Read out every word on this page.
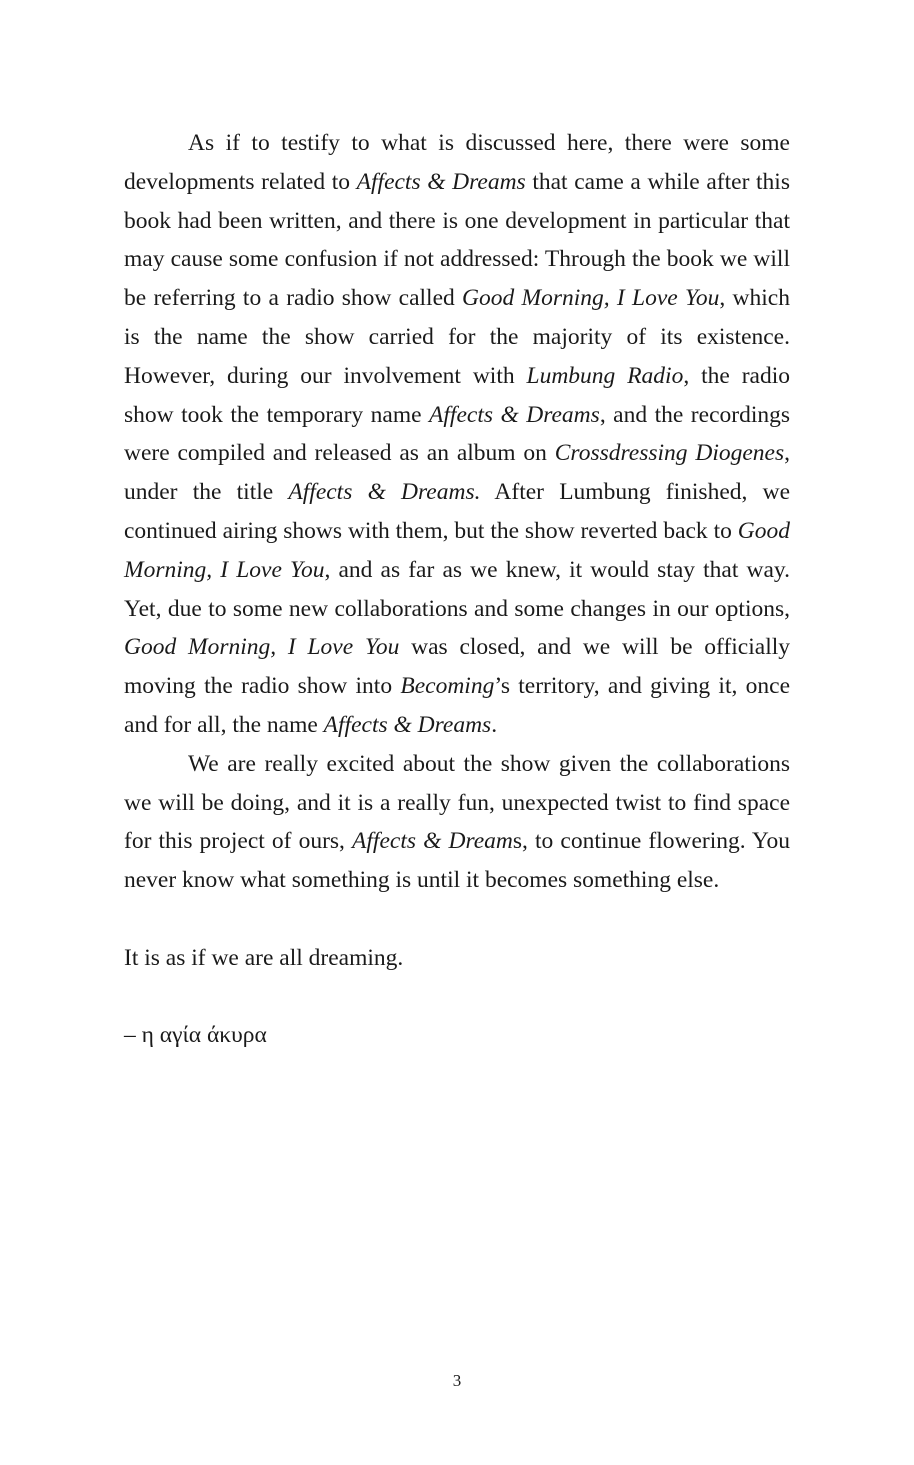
As if to testify to what is discussed here, there were some developments related to Affects & Dreams that came a while after this book had been written, and there is one development in particular that may cause some confusion if not addressed: Through the book we will be referring to a radio show called Good Morning, I Love You, which is the name the show carried for the majority of its existence. However, during our involvement with Lumbung Radio, the radio show took the temporary name Affects & Dreams, and the recordings were compiled and released as an album on Crossdressing Diogenes, under the title Affects & Dreams. After Lumbung finished, we continued airing shows with them, but the show reverted back to Good Morning, I Love You, and as far as we knew, it would stay that way. Yet, due to some new collaborations and some changes in our options, Good Morning, I Love You was closed, and we will be officially moving the radio show into Becoming’s territory, and giving it, once and for all, the name Affects & Dreams.

We are really excited about the show given the collaborations we will be doing, and it is a really fun, unexpected twist to find space for this project of ours, Affects & Dreams, to continue flowering. You never know what something is until it becomes something else.

It is as if we are all dreaming.

– η αγία άκυρα

3
